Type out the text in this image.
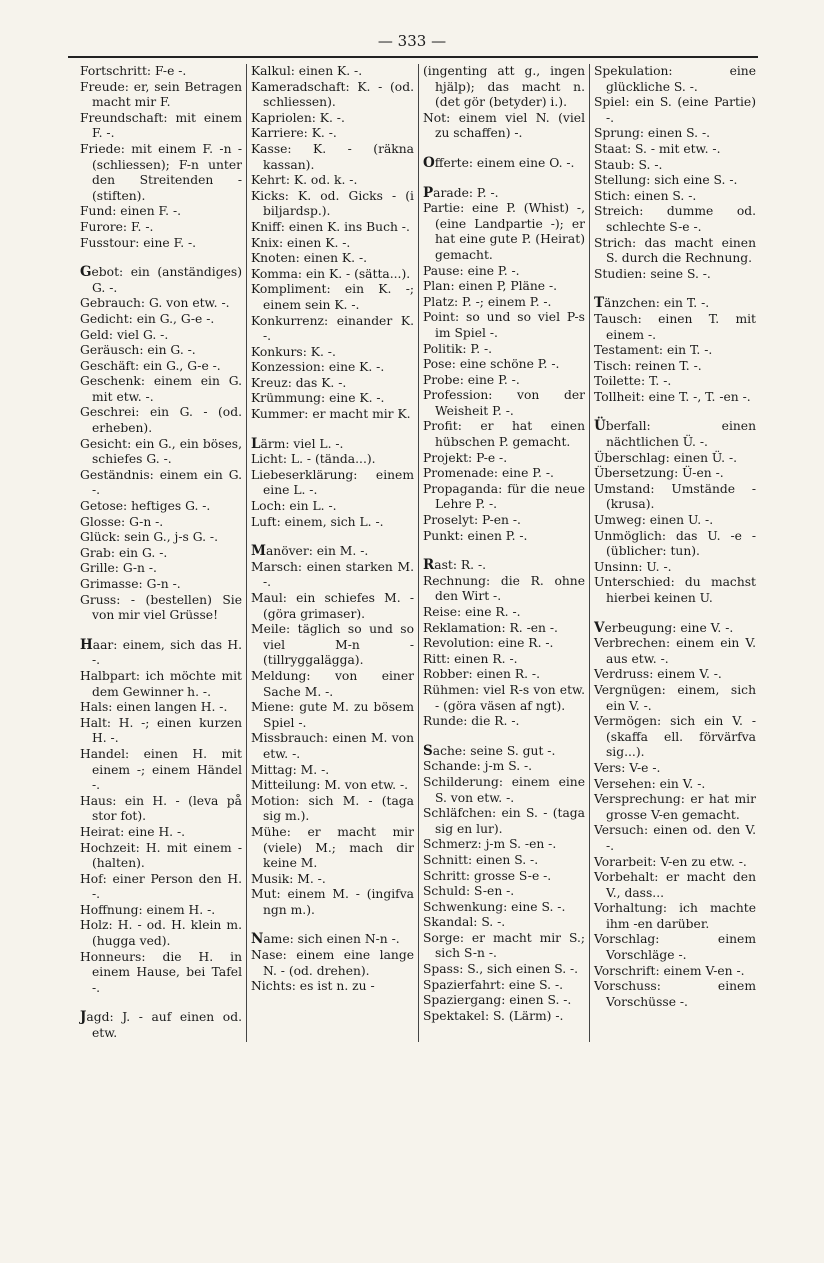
— 333 —

Fortschritt: F-e -.

Freude: er, sein Betragen macht mir F.

Freundschaft: mit einem F. -.

Friede: mit einem F. -n - (schliessen); F-n unter den Streitenden - (stiften).

Fund: einen F. -.

Furore: F. -.

Fusstour: eine F. -.

Gebot: ein (anständiges) G. -.

Gebrauch: G. von etw. -.

Gedicht: ein G., G-e -.

Geld: viel G. -.

Geräusch: ein G. -.

Geschäft: ein G., G-e -.

Geschenk: einem ein G. mit etw. -.

Geschrei: ein G. - (od. erheben).

Gesicht: ein G., ein böses, schiefes G. -.

Geständnis: einem ein G. -.

Getose: heftiges G. -.

Glosse: G-n -.

Glück: sein G., j-s G. -.

Grab: ein G. -.

Grille: G-n -.

Grimasse: G-n -.

Gruss: - (bestellen) Sie von mir viel Grüsse!

Haar: einem, sich das H. -.

Halbpart: ich möchte mit dem Gewinner h. -.

Hals: einen langen H. -.

Halt: H. -; einen kurzen H. -.

Handel: einen H. mit einem -; einem Händel -.

Haus: ein H. - (leva på stor fot).

Heirat: eine H. -.

Hochzeit: H. mit einem - (halten).

Hof: einer Person den H. -.

Hoffnung: einem H. -.

Holz: H. - od. H. klein m. (hugga ved).

Honneurs: die H. in einem Hause, bei Tafel -.

Jagd: J. - auf einen od. etw.

Kalkul: einen K. -.

Kameradschaft: K. - (od. schliessen).

Kapriolen: K. -.

Karriere: K. -.

Kasse: K. - (räkna kassan).

Kehrt: K. od. k. -.

Kicks: K. od. Gicks - (i biljardsp.).

Kniff: einen K. ins Buch -.

Knix: einen K. -.

Knoten: einen K. -.

Komma: ein K. - (sätta...).

Kompliment: ein K. -; einem sein K. -.

Konkurrenz: einander K. -.

Konkurs: K. -.

Konzession: eine K. -.

Kreuz: das K. -.

Krümmung: eine K. -.

Kummer: er macht mir K.

Lärm: viel L. -.

Licht: L. - (tända...).

Liebeserklärung: einem eine L. -.

Loch: ein L. -.

Luft: einem, sich L. -.

Manöver: ein M. -.

Marsch: einen starken M. -.

Maul: ein schiefes M. - (göra grimaser).

Meile: täglich so und so viel M-n - (tillryggalägga).

Meldung: von einer Sache M. -.

Miene: gute M. zu bösem Spiel -.

Missbrauch: einen M. von etw. -.

Mittag: M. -.

Mitteilung: M. von etw. -.

Motion: sich M. - (taga sig m.).

Mühe: er macht mir (viele) M.; mach dir keine M.

Musik: M. -.

Mut: einem M. - (ingifva ngn m.).

Name: sich einen N-n -.

Nase: einem eine lange N. - (od. drehen).

Nichts: es ist n. zu -

(ingenting att g., ingen hjälp); das macht n. (det gör (betyder) i.).

Not: einem viel N. (viel zu schaffen) -.

Offerte: einem eine O. -.

Parade: P. -.

Partie: eine P. (Whist) -, (eine Landpartie -); er hat eine gute P. (Heirat) gemacht.

Pause: eine P. -.

Plan: einen P, Pläne -.

Platz: P. -; einem P. -.

Point: so und so viel P-s im Spiel -.

Politik: P. -.

Pose: eine schöne P. -.

Probe: eine P. -.

Profession: von der Weisheit P. -.

Profit: er hat einen hübschen P. gemacht.

Projekt: P-e -.

Promenade: eine P. -.

Propaganda: für die neue Lehre P. -.

Proselyt: P-en -.

Punkt: einen P. -.

Rast: R. -.

Rechnung: die R. ohne den Wirt -.

Reise: eine R. -.

Reklamation: R. -en -.

Revolution: eine R. -.

Ritt: einen R. -.

Robber: einen R. -.

Rühmen: viel R-s von etw. - (göra väsen af ngt).

Runde: die R. -.

Sache: seine S. gut -.

Schande: j-m S. -.

Schilderung: einem eine S. von etw. -.

Schläfchen: ein S. - (taga sig en lur).

Schmerz: j-m S. -en -.

Schnitt: einen S. -.

Schritt: grosse S-e -.

Schuld: S-en -.

Schwenkung: eine S. -.

Skandal: S. -.

Sorge: er macht mir S.; sich S-n -.

Spass: S., sich einen S. -.

Spazierfahrt: eine S. -.

Spaziergang: einen S. -.

Spektakel: S. (Lärm) -.

Spekulation: eine glückliche S. -.

Spiel: ein S. (eine Partie) -.

Sprung: einen S. -.

Staat: S. - mit etw. -.

Staub: S. -.

Stellung: sich eine S. -.

Stich: einen S. -.

Streich: dumme od. schlechte S-e -.

Strich: das macht einen S. durch die Rechnung.

Studien: seine S. -.

Tänzchen: ein T. -.

Tausch: einen T. mit einem -.

Testament: ein T. -.

Tisch: reinen T. -.

Toilette: T. -.

Tollheit: eine T. -, T. -en -.

Überfall: einen nächtlichen Ü. -.

Überschlag: einen Ü. -.

Übersetzung: Ü-en -.

Umstand: Umstände - (krusa).

Umweg: einen U. -.

Unmöglich: das U. -e - (üblicher: tun).

Unsinn: U. -.

Unterschied: du machst hierbei keinen U.

Verbeugung: eine V. -.

Verbrechen: einem ein V. aus etw. -.

Verdruss: einem V. -.

Vergnügen: einem, sich ein V. -.

Vermögen: sich ein V. - (skaffa ell. förvärfva sig...).

Vers: V-e -.

Versehen: ein V. -.

Versprechung: er hat mir grosse V-en gemacht.

Versuch: einen od. den V. -.

Vorarbeit: V-en zu etw. -.

Vorbehalt: er macht den V., dass...

Vorhaltung: ich machte ihm -en darüber.

Vorschlag: einem Vorschläge -.

Vorschrift: einem V-en -.

Vorschuss: einem Vorschüsse -.
